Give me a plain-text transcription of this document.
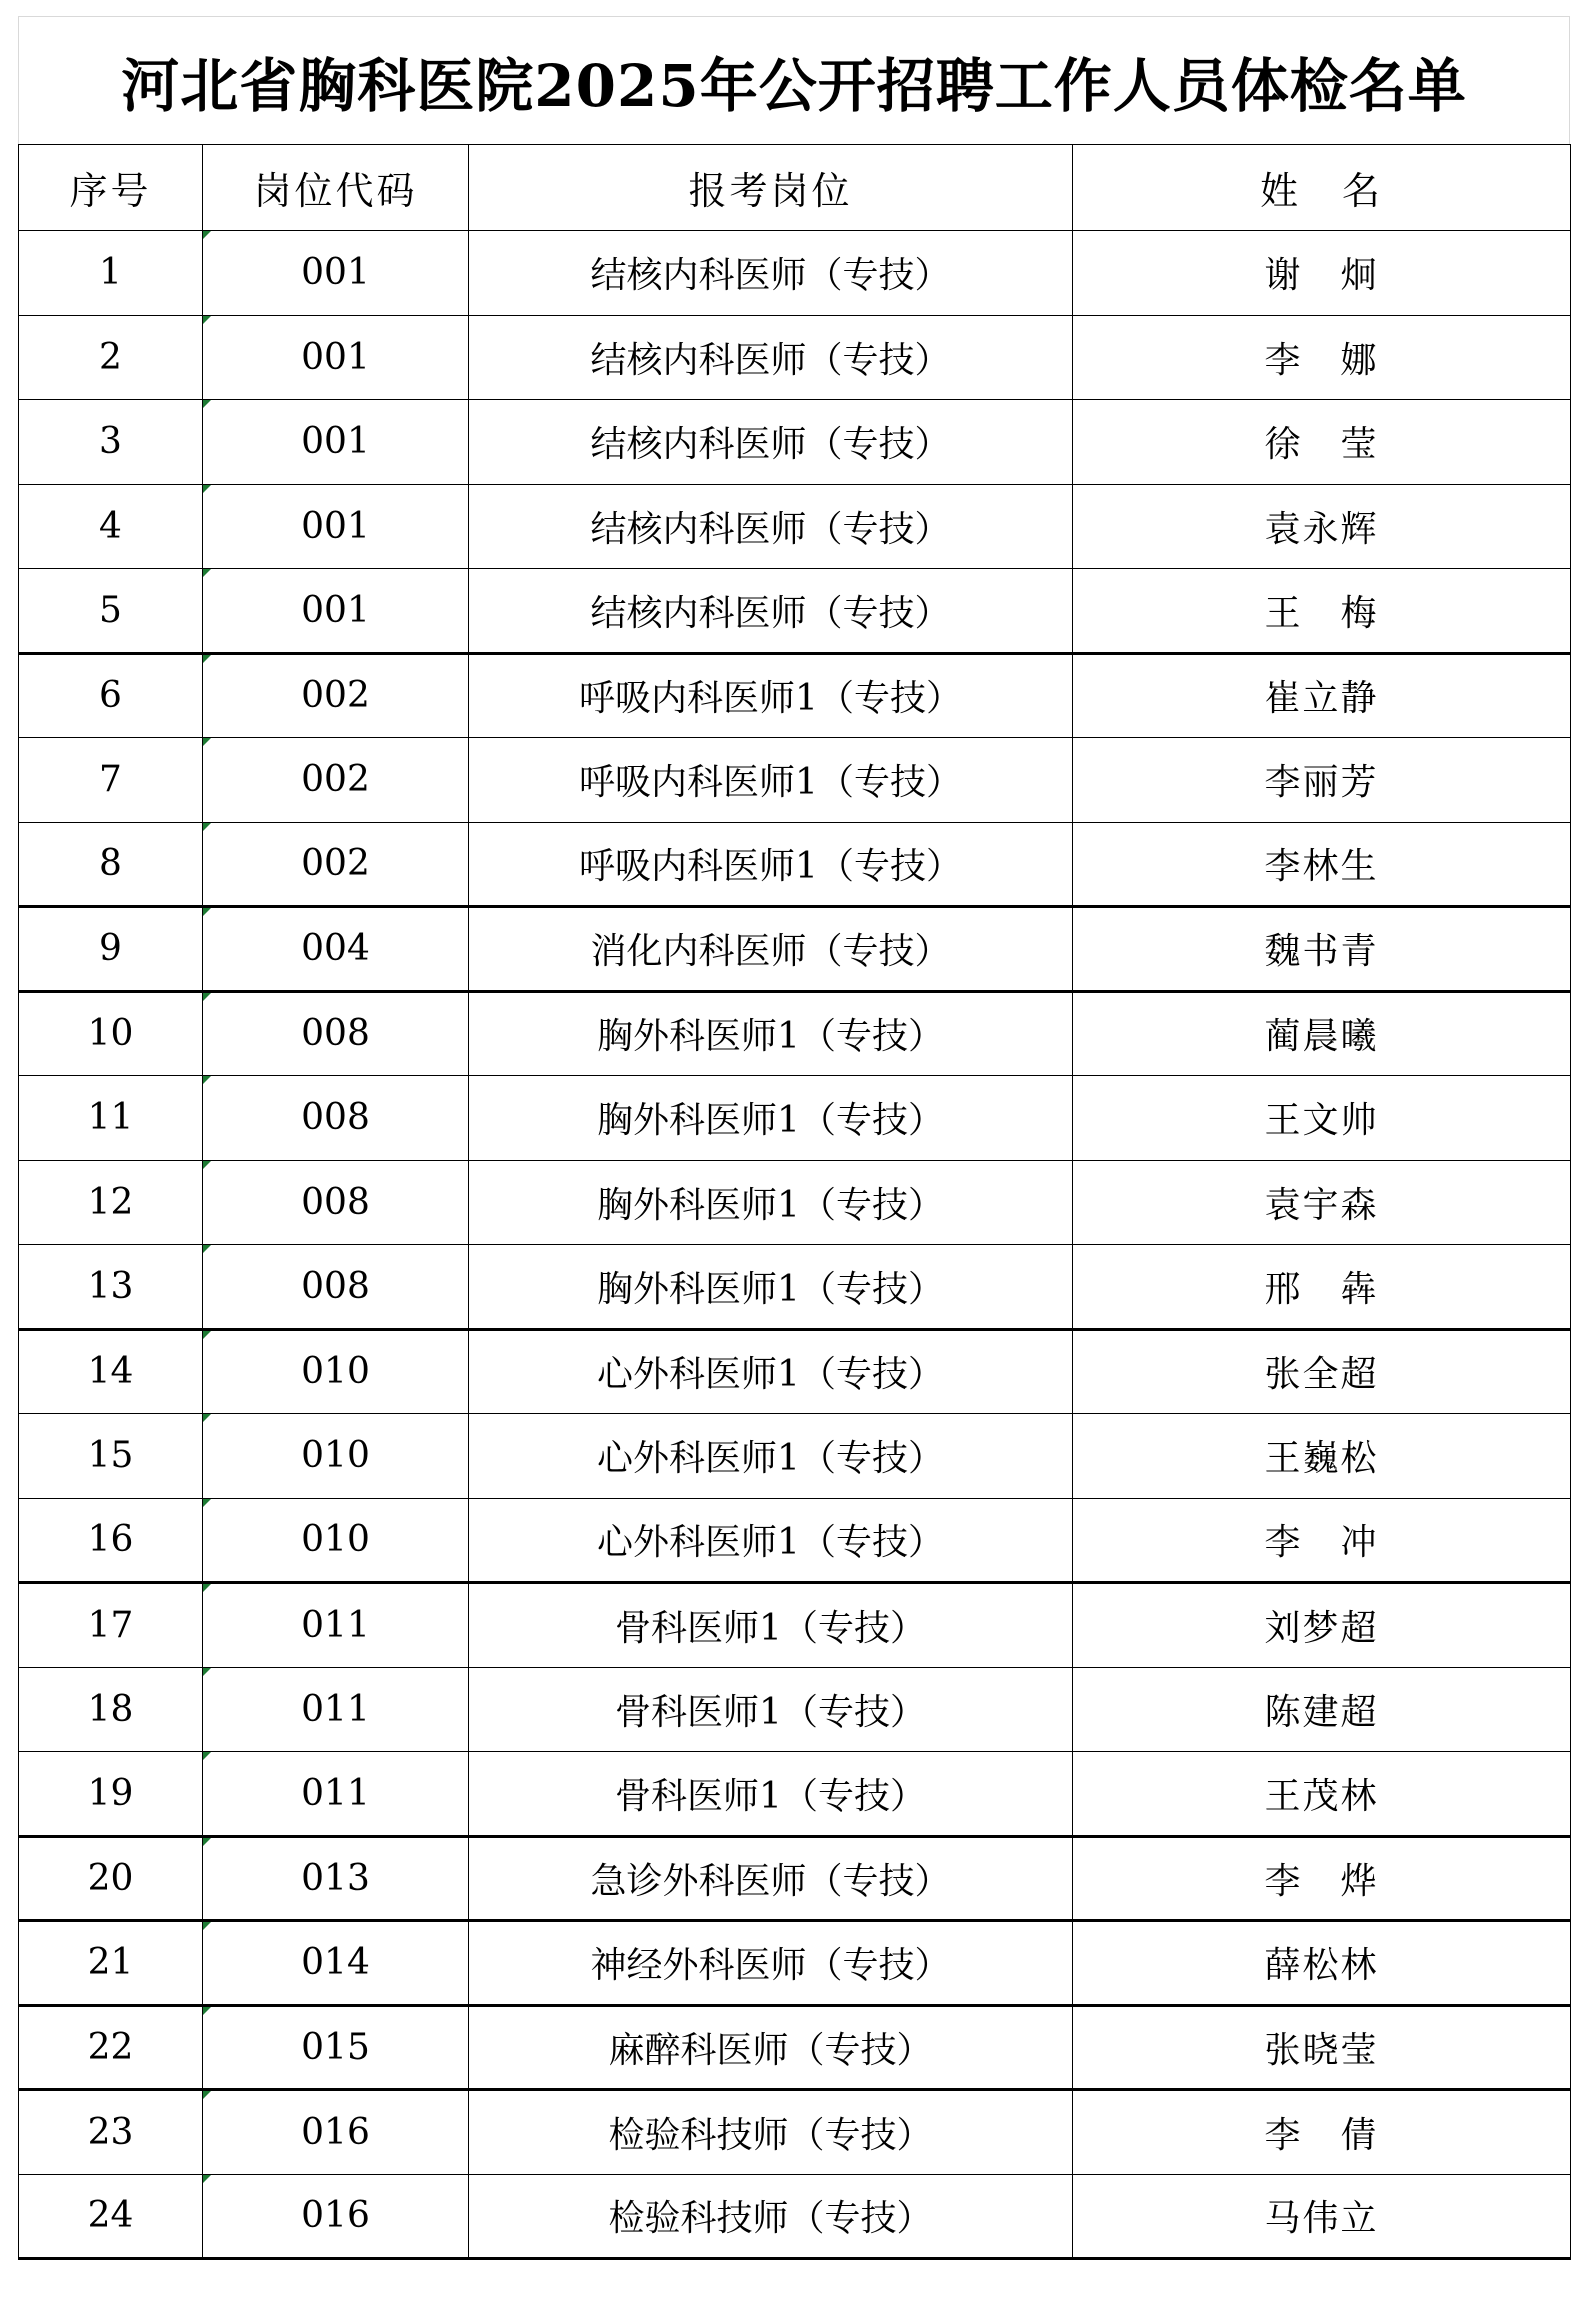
河北省胸科医院2025年公开招聘工作人员体检名单
序号	岗位代码	报考岗位	姓　名
1	001	结核内科医师（专技）	谢　炯
2	001	结核内科医师（专技）	李　娜
3	001	结核内科医师（专技）	徐　莹
4	001	结核内科医师（专技）	袁永辉
5	001	结核内科医师（专技）	王　梅
6	002	呼吸内科医师1（专技）	崔立静
7	002	呼吸内科医师1（专技）	李丽芳
8	002	呼吸内科医师1（专技）	李林生
9	004	消化内科医师（专技）	魏书青
10	008	胸外科医师1（专技）	蔺晨曦
11	008	胸外科医师1（专技）	王文帅
12	008	胸外科医师1（专技）	袁宇森
13	008	胸外科医师1（专技）	邢　犇
14	010	心外科医师1（专技）	张全超
15	010	心外科医师1（专技）	王巍松
16	010	心外科医师1（专技）	李　冲
17	011	骨科医师1（专技）	刘梦超
18	011	骨科医师1（专技）	陈建超
19	011	骨科医师1（专技）	王茂林
20	013	急诊外科医师（专技）	李　烨
21	014	神经外科医师（专技）	薛松林
22	015	麻醉科医师（专技）	张晓莹
23	016	检验科技师（专技）	李　倩
24	016	检验科技师（专技）	马伟立
